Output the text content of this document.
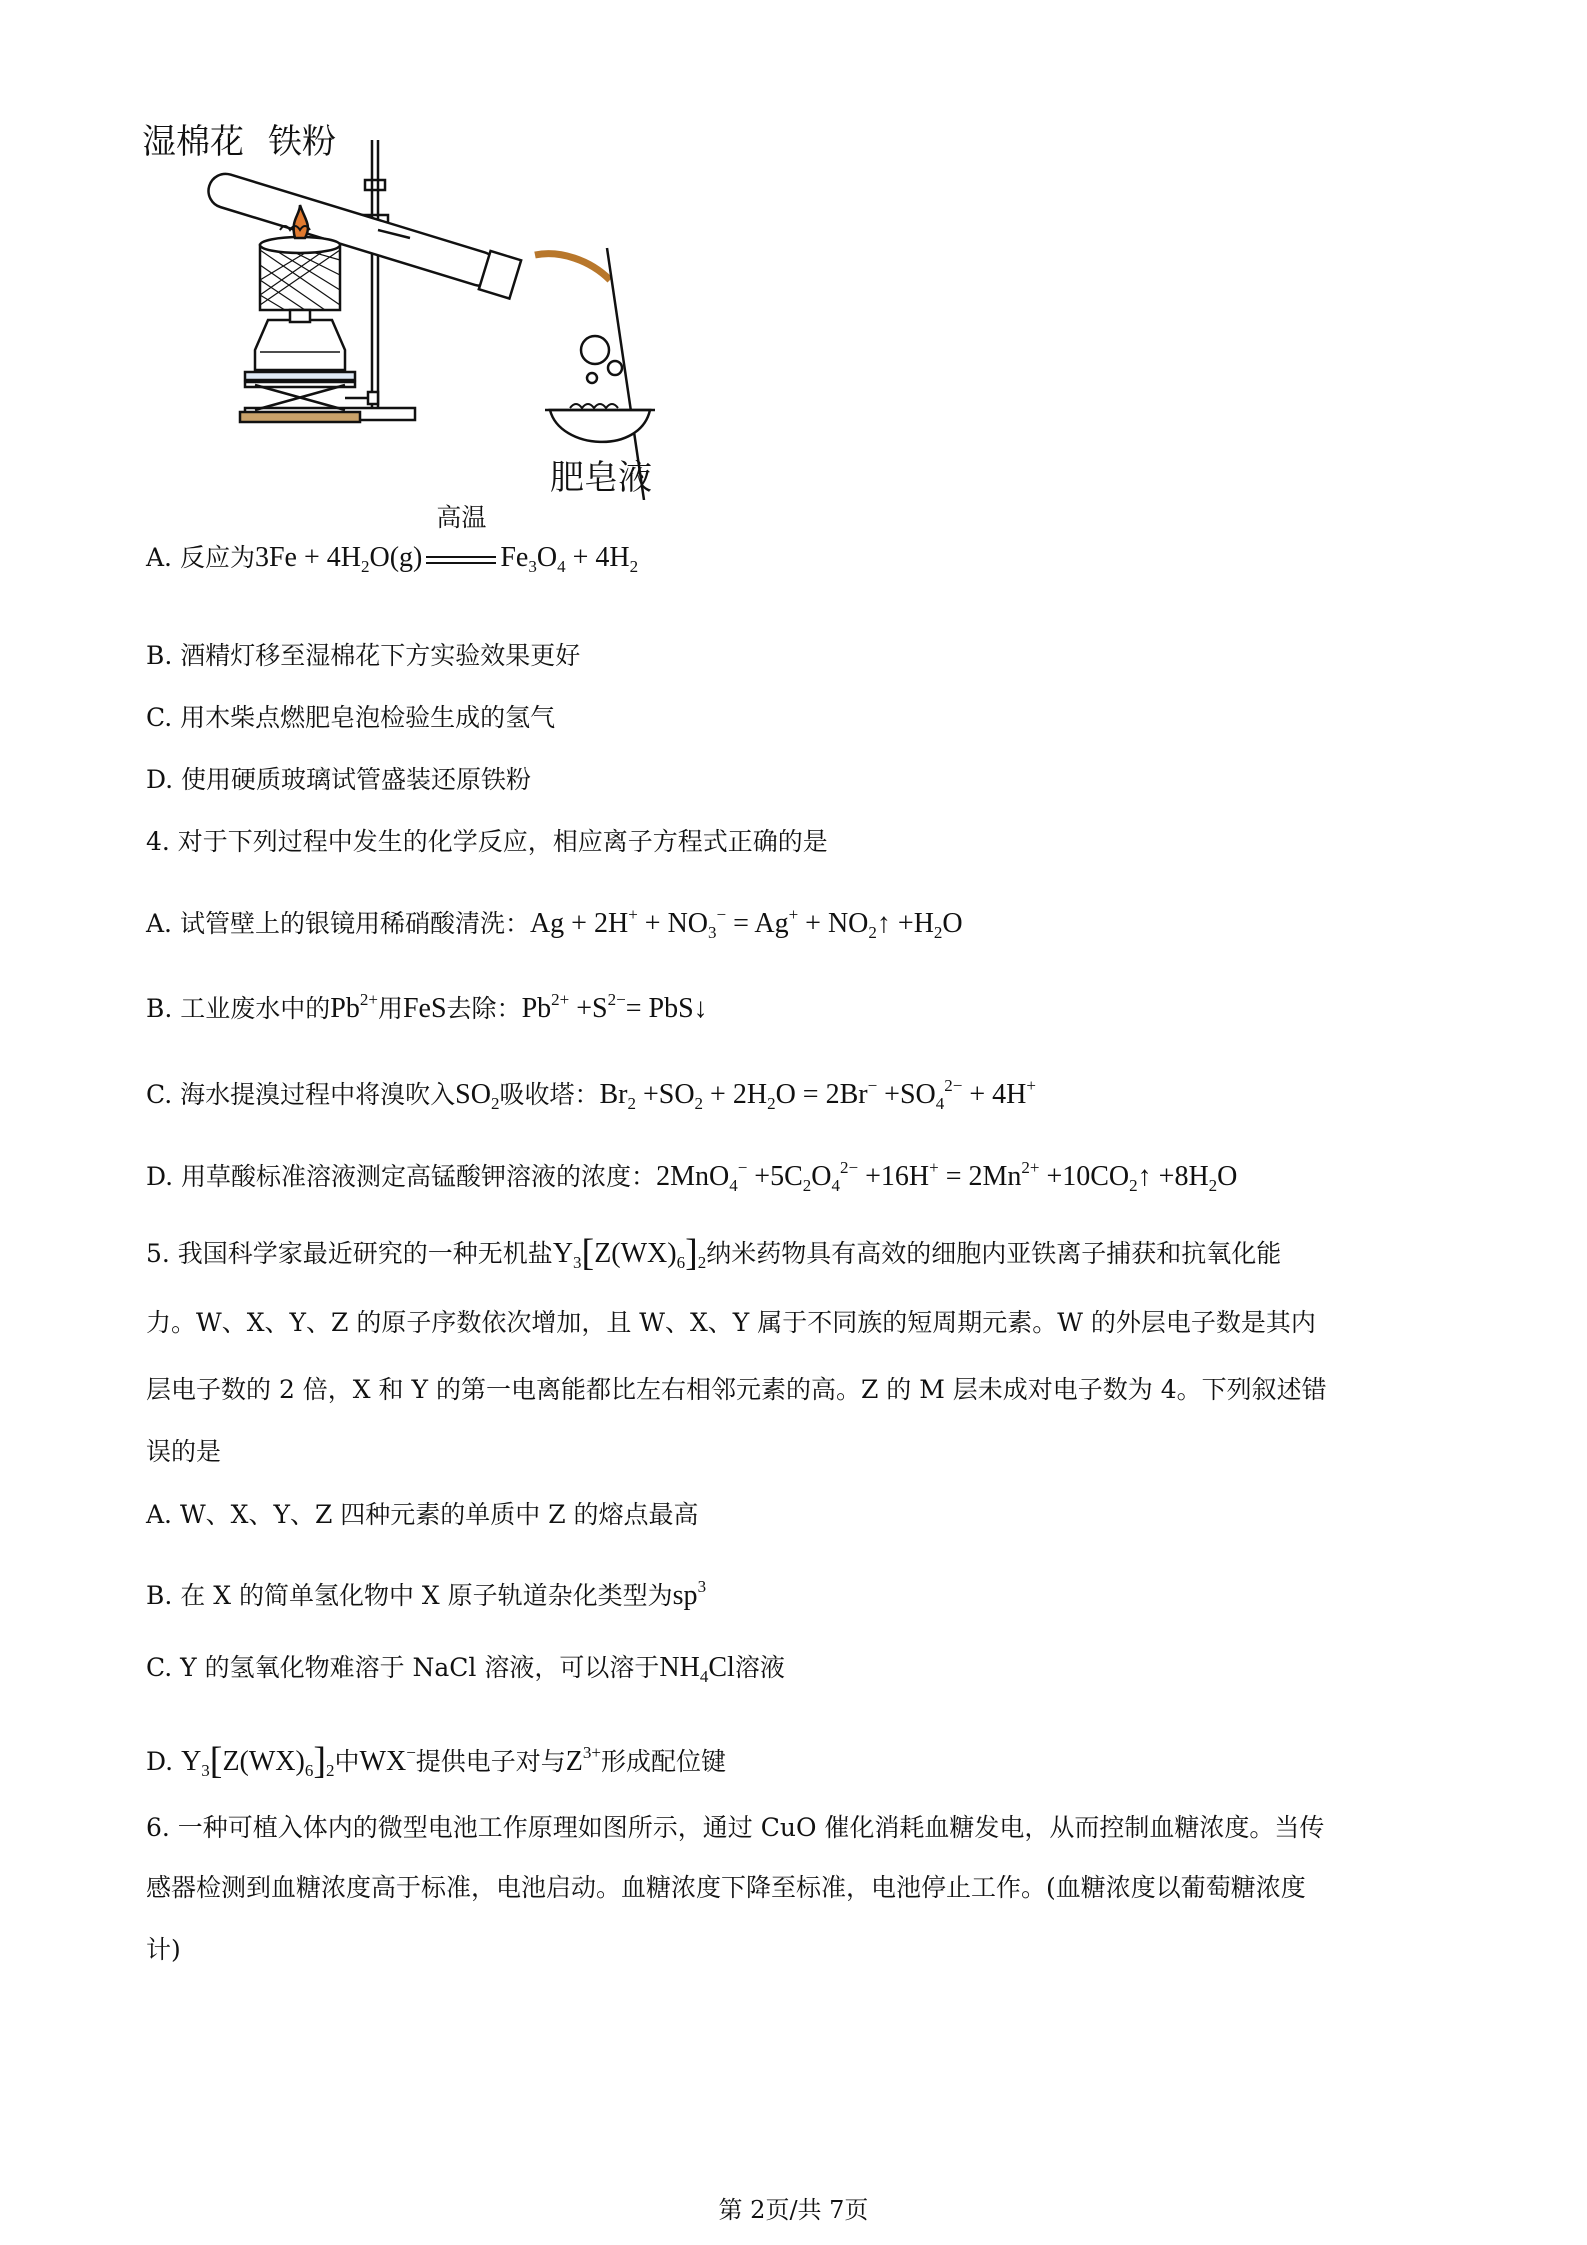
湿棉花 铁粉
肥皂液
A. 反应为$3Fe + 4H_2O(g)$
高温
$Fe_3O_4 + 4H_2$
B. 酒精灯移至湿棉花下方实验效果更好
C. 用木柴点燃肥皂泡检验生成的氢气
D. 使用硬质玻璃试管盛装还原铁粉
4. 对于下列过程中发生的化学反应，相应离子方程式正确的是
A. 试管壁上的银镜用稀硝酸清洗：$Ag + 2H^+ + NO_3^- = Ag^+$ + $NO_2↑ +H_2O$
B. 工业废水中的$Pb^{2+}$用FeS去除：$Pb^{2+} +S^{2-}=$ PbS↓
C. 海水提溴过程中将溴吹入$SO_2$吸收塔：$Br_2 +SO_2 + 2H_2O = 2Br^- +SO_4^{2-} + 4H^+$
D. 用草酸标准溶液测定高锰酸钾溶液的浓度：$2MnO_4^- +5C_2O_4^{2-} +16H^+ = 2Mn^{2+}$ $+10CO_2↑ +8H_2O$
5. 我国科学家最近研究的一种无机盐$Y_3[Z(WX)_6]_2$纳米药物具有高效的细胞内亚铁离子捕获和抗氧化能
力。W、X、Y、Z 的原子序数依次增加，且 W、X、Y 属于不同族的短周期元素。W 的外层电子数是其内
层电子数的 2 倍，X 和 Y 的第一电离能都比左右相邻元素的高。Z 的 M 层未成对电子数为 4。下列叙述错
误的是
A. W、X、Y、Z 四种元素的单质中 Z 的熔点最高
B. 在 X 的简单氢化物中 X 原子轨道杂化类型为$sp^3$
C. Y 的氢氧化物难溶于 NaCl 溶液，可以溶于$NH_4Cl$溶液
D. $Y_3[Z(WX)_6]_2$中WX−提供电子对与$Z^{3+}$形成配位键
6. 一种可植入体内的微型电池工作原理如图所示，通过 CuO 催化消耗血糖发电，从而控制血糖浓度。当传
感器检测到血糖浓度高于标准，电池启动。血糖浓度下降至标准，电池停止工作。(血糖浓度以葡萄糖浓度
计)
第 2页/共 7页
